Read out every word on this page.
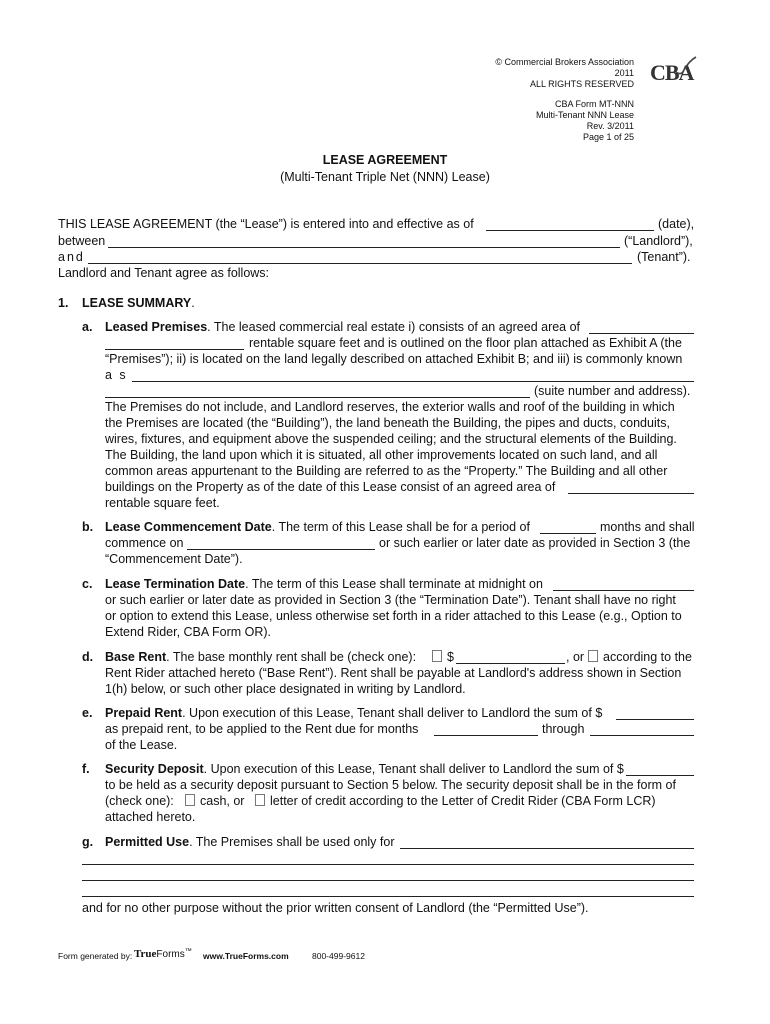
© Commercial Brokers Association
2011
ALL RIGHTS RESERVED
CBA Form MT-NNN
Multi-Tenant NNN Lease
Rev. 3/2011
Page 1 of 25
CBA
LEASE AGREEMENT
(Multi-Tenant Triple Net (NNN) Lease)
THIS LEASE AGREEMENT (the “Lease”) is entered into and effective as of	(date),
between	(“Landlord”),
and	(Tenant”).
Landlord and Tenant agree as follows:
1. LEASE SUMMARY.
a. Leased Premises. The leased commercial real estate i) consists of an agreed area of
rentable square feet and is outlined on the floor plan attached as Exhibit A (the
“Premises”); ii) is located on the land legally described on attached Exhibit B; and iii) is commonly known
a s
(suite number and address).
The Premises do not include, and Landlord reserves, the exterior walls and roof of the building in which
the Premises are located (the “Building”), the land beneath the Building, the pipes and ducts, conduits,
wires, fixtures, and equipment above the suspended ceiling; and the structural elements of the Building.
The Building, the land upon which it is situated, all other improvements located on such land, and all
common areas appurtenant to the Building are referred to as the “Property.” The Building and all other
buildings on the Property as of the date of this Lease consist of an agreed area of
rentable square feet.
b. Lease Commencement Date. The term of this Lease shall be for a period of	months and shall
commence on	or such earlier or later date as provided in Section 3 (the
“Commencement Date”).
c. Lease Termination Date. The term of this Lease shall terminate at midnight on
or such earlier or later date as provided in Section 3 (the “Termination Date”). Tenant shall have no right
or option to extend this Lease, unless otherwise set forth in a rider attached to this Lease (e.g., Option to
Extend Rider, CBA Form OR).
d. Base Rent. The base monthly rent shall be (check one): $	, or according to the
Rent Rider attached hereto (“Base Rent”). Rent shall be payable at Landlord's address shown in Section
1(h) below, or such other place designated in writing by Landlord.
e. Prepaid Rent. Upon execution of this Lease, Tenant shall deliver to Landlord the sum of $
as prepaid rent, to be applied to the Rent due for months	through
of the Lease.
f. Security Deposit. Upon execution of this Lease, Tenant shall deliver to Landlord the sum of $
to be held as a security deposit pursuant to Section 5 below. The security deposit shall be in the form of
(check one): cash, or letter of credit according to the Letter of Credit Rider (CBA Form LCR)
attached hereto.
g. Permitted Use. The Premises shall be used only for
and for no other purpose without the prior written consent of Landlord (the “Permitted Use”).
Form generated by: TrueForms™ www.TrueForms.com	800-499-9612
